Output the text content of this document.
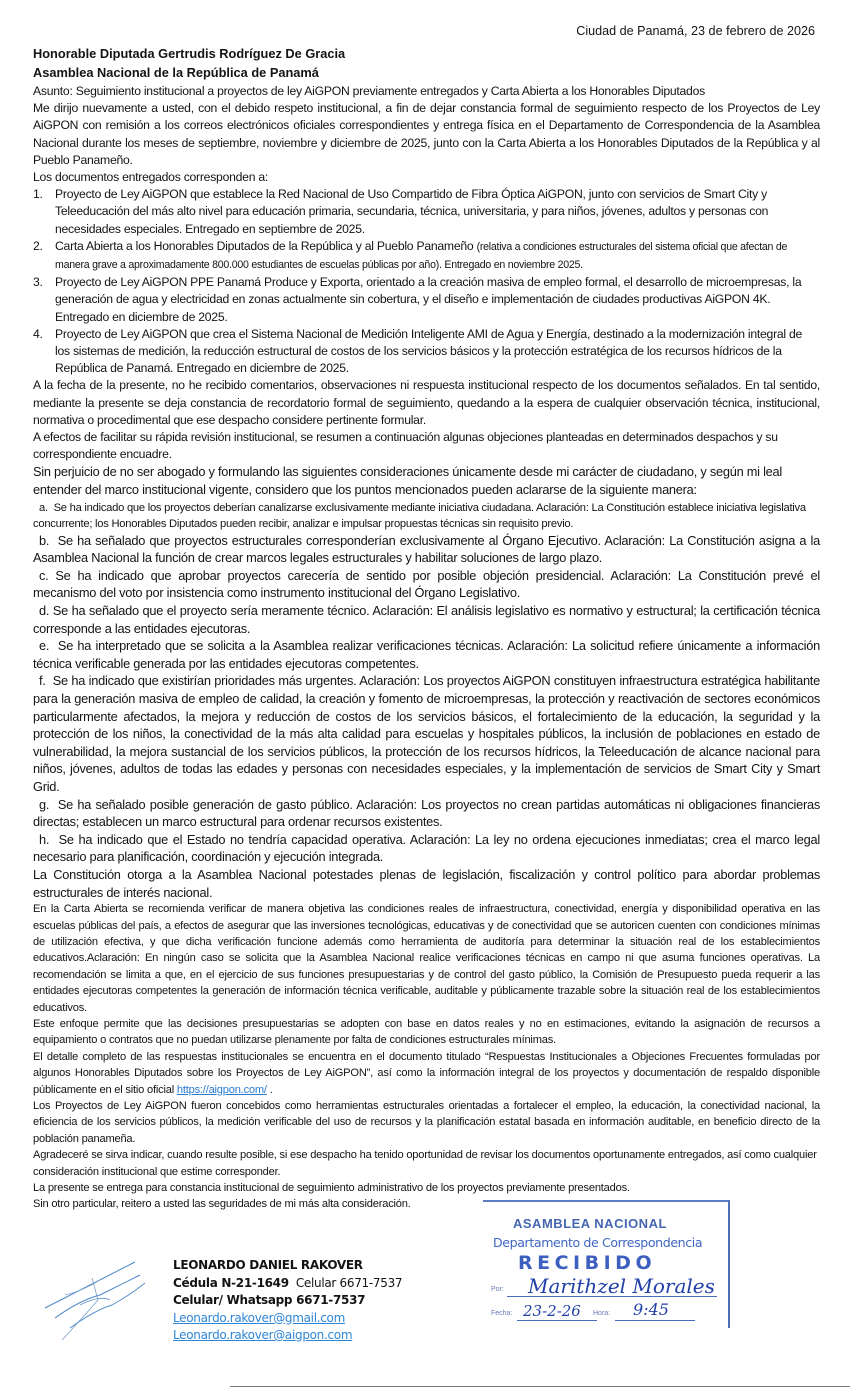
Ciudad de Panamá, 23 de febrero de 2026
Honorable Diputada Gertrudis Rodríguez De Gracia
Asamblea Nacional de la República de Panamá

Asunto: Seguimiento institucional a proyectos de ley AiGPON previamente entregados y Carta Abierta a los Honorables Diputados

Me dirijo nuevamente a usted, con el debido respeto institucional, a fin de dejar constancia formal de seguimiento respecto de los Proyectos de Ley AiGPON con remisión a los correos electrónicos oficiales correspondientes y entrega física en el Departamento de Correspondencia de la Asamblea Nacional durante los meses de septiembre, noviembre y diciembre de 2025, junto con la Carta Abierta a los Honorables Diputados de la República y al Pueblo Panameño.

Los documentos entregados corresponden a:

1. Proyecto de Ley AiGPON que establece la Red Nacional de Uso Compartido de Fibra Óptica AiGPON, junto con servicios de Smart City y Teleeducación del más alto nivel para educación primaria, secundaria, técnica, universitaria, y para niños, jóvenes, adultos y personas con necesidades especiales. Entregado en septiembre de 2025.
2. Carta Abierta a los Honorables Diputados de la República y al Pueblo Panameño (relativa a condiciones estructurales del sistema oficial que afectan de manera grave a aproximadamente 800.000 estudiantes de escuelas públicas por año). Entregado en noviembre 2025.
3. Proyecto de Ley AiGPON PPE Panamá Produce y Exporta, orientado a la creación masiva de empleo formal, el desarrollo de microempresas, la generación de agua y electricidad en zonas actualmente sin cobertura, y el diseño e implementación de ciudades productivas AiGPON 4K. Entregado en diciembre de 2025.
4. Proyecto de Ley AiGPON que crea el Sistema Nacional de Medición Inteligente AMI de Agua y Energía, destinado a la modernización integral de los sistemas de medición, la reducción estructural de costos de los servicios básicos y la protección estratégica de los recursos hídricos de la República de Panamá. Entregado en diciembre de 2025.

A la fecha de la presente, no he recibido comentarios, observaciones ni respuesta institucional respecto de los documentos señalados. En tal sentido, mediante la presente se deja constancia de recordatorio formal de seguimiento, quedando a la espera de cualquier observación técnica, institucional, normativa o procedimental que ese despacho considere pertinente formular.

A efectos de facilitar su rápida revisión institucional, se resumen a continuación algunas objeciones planteadas en determinados despachos y su correspondiente encuadre.

Sin perjuicio de no ser abogado y formulando las siguientes consideraciones únicamente desde mi carácter de ciudadano, y según mi leal entender del marco institucional vigente, considero que los puntos mencionados pueden aclararse de la siguiente manera:

a. Se ha indicado que los proyectos deberían canalizarse exclusivamente mediante iniciativa ciudadana. Aclaración: La Constitución establece iniciativa legislativa concurrente; los Honorables Diputados pueden recibir, analizar e impulsar propuestas técnicas sin requisito previo.

b. Se ha señalado que proyectos estructurales corresponderían exclusivamente al Órgano Ejecutivo. Aclaración: La Constitución asigna a la Asamblea Nacional la función de crear marcos legales estructurales y habilitar soluciones de largo plazo.

c. Se ha indicado que aprobar proyectos carecería de sentido por posible objeción presidencial. Aclaración: La Constitución prevé el mecanismo del voto por insistencia como instrumento institucional del Órgano Legislativo.

d. Se ha señalado que el proyecto sería meramente técnico. Aclaración: El análisis legislativo es normativo y estructural; la certificación técnica corresponde a las entidades ejecutoras.

e. Se ha interpretado que se solicita a la Asamblea realizar verificaciones técnicas. Aclaración: La solicitud refiere únicamente a información técnica verificable generada por las entidades ejecutoras competentes.

f. Se ha indicado que existirían prioridades más urgentes. Aclaración: Los proyectos AiGPON constituyen infraestructura estratégica habilitante para la generación masiva de empleo de calidad, la creación y fomento de microempresas, la protección y reactivación de sectores económicos particularmente afectados, la mejora y reducción de costos de los servicios básicos, el fortalecimiento de la educación, la seguridad y la protección de los niños, la conectividad de la más alta calidad para escuelas y hospitales públicos, la inclusión de poblaciones en estado de vulnerabilidad, la mejora sustancial de los servicios públicos, la protección de los recursos hídricos, la Teleeducación de alcance nacional para niños, jóvenes, adultos de todas las edades y personas con necesidades especiales, y la implementación de servicios de Smart City y Smart Grid.

g. Se ha señalado posible generación de gasto público. Aclaración: Los proyectos no crean partidas automáticas ni obligaciones financieras directas; establecen un marco estructural para ordenar recursos existentes.

h. Se ha indicado que el Estado no tendría capacidad operativa. Aclaración: La ley no ordena ejecuciones inmediatas; crea el marco legal necesario para planificación, coordinación y ejecución integrada.

La Constitución otorga a la Asamblea Nacional potestades plenas de legislación, fiscalización y control político para abordar problemas estructurales de interés nacional.

En la Carta Abierta se recomienda verificar de manera objetiva las condiciones reales de infraestructura, conectividad, energía y disponibilidad operativa en las escuelas públicas del país, a efectos de asegurar que las inversiones tecnológicas, educativas y de conectividad que se autoricen cuenten con condiciones mínimas de utilización efectiva, y que dicha verificación funcione además como herramienta de auditoría para determinar la situación real de los establecimientos educativos.Aclaración: En ningún caso se solicita que la Asamblea Nacional realice verificaciones técnicas en campo ni que asuma funciones operativas. La recomendación se limita a que, en el ejercicio de sus funciones presupuestarias y de control del gasto público, la Comisión de Presupuesto pueda requerir a las entidades ejecutoras competentes la generación de información técnica verificable, auditable y públicamente trazable sobre la situación real de los establecimientos educativos.

Este enfoque permite que las decisiones presupuestarias se adopten con base en datos reales y no en estimaciones, evitando la asignación de recursos a equipamiento o contratos que no puedan utilizarse plenamente por falta de condiciones estructurales mínimas.

El detalle completo de las respuestas institucionales se encuentra en el documento titulado “Respuestas Institucionales a Objeciones Frecuentes formuladas por algunos Honorables Diputados sobre los Proyectos de Ley AiGPON”, así como la información integral de los proyectos y documentación de respaldo disponible públicamente en el sitio oficial https://aigpon.com/ .

Los Proyectos de Ley AiGPON fueron concebidos como herramientas estructurales orientadas a fortalecer el empleo, la educación, la conectividad nacional, la eficiencia de los servicios públicos, la medición verificable del uso de recursos y la planificación estatal basada en información auditable, en beneficio directo de la población panameña.

Agradeceré se sirva indicar, cuando resulte posible, si ese despacho ha tenido oportunidad de revisar los documentos oportunamente entregados, así como cualquier consideración institucional que estime corresponder.

La presente se entrega para constancia institucional de seguimiento administrativo de los proyectos previamente presentados.

Sin otro particular, reitero a usted las seguridades de mi más alta consideración.

LEONARDO DANIEL RAKOVER
Cédula N-21-1649 Celular 6671-7537
Celular/ Whatsapp 6671-7537
Leonardo.rakover@gmail.com
Leonardo.rakover@aigpon.com
ASAMBLEA NACIONAL
Departamento de Correspondencia
RECIBIDO
Por: Marithzel Morales
Fecha: 23-2-26 Hora: 9:45
